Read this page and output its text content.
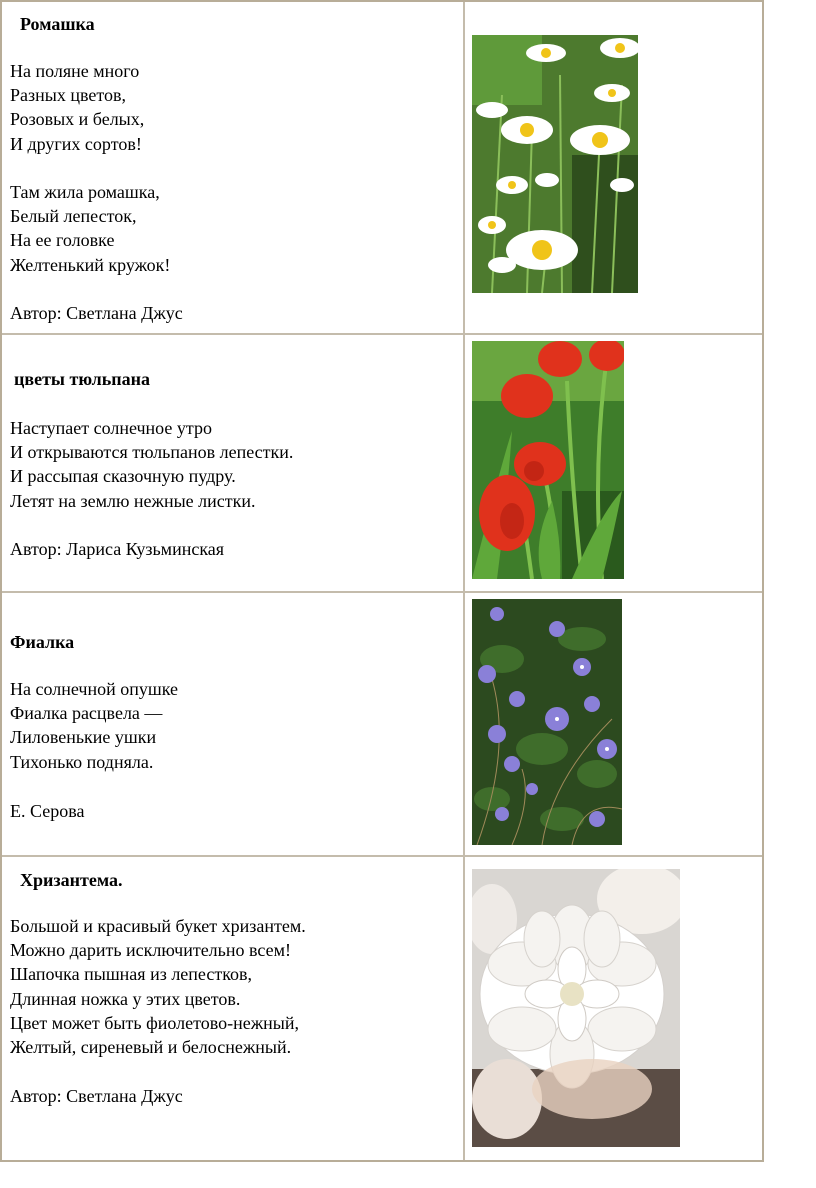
Ромашка
На поляне много
Разных цветов,
Розовых и белых,
И других сортов!

Там жила ромашка,
Белый лепесток,
На ее головке
Желтенький кружок!
Автор: Светлана Джус
цветы тюльпана
Наступает солнечное утро
И открываются тюльпанов лепестки.
И рассыпая сказочную пудру.
Летят на землю нежные листки.
Автор: Лариса Кузьминская
Фиалка
На солнечной опушке
Фиалка расцвела —
Лиловенькие ушки
Тихонько подняла.
Е. Серова
Хризантема.
Большой и красивый букет хризантем.
Можно дарить исключительно всем!
Шапочка пышная из лепестков,
Длинная ножка у этих цветов.
Цвет может быть фиолетово-нежный,
Желтый, сиреневый и белоснежный.
Автор: Светлана Джус
